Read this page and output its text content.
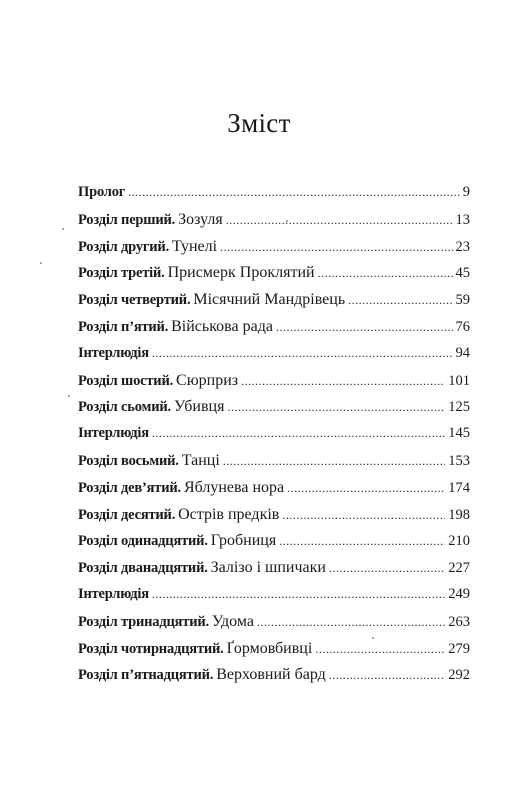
Зміст
Пролог .....	9
Розділ перший. Зозуля .....	13
Розділ другий. Тунелі .....	23
Розділ третій. Присмерк Проклятий .....	45
Розділ четвертий. Місячний Мандрівець .....	59
Розділ п’ятий. Військова рада .....	76
Інтерлюдія .....	94
Розділ шостий. Сюрприз .....	101
Розділ сьомий. Убивця .....	125
Інтерлюдія .....	145
Розділ восьмий. Танці .....	153
Розділ дев’ятий. Яблунева нора .....	174
Розділ десятий. Острів предків .....	198
Розділ одинадцятий. Гробниця .....	210
Розділ дванадцятий. Залізо і шпичаки .....	227
Інтерлюдія .....	249
Розділ тринадцятий. Удома .....	263
Розділ чотирнадцятий. Ґормовбивці .....	279
Розділ п’ятнадцятий. Верховний бард .....	292
